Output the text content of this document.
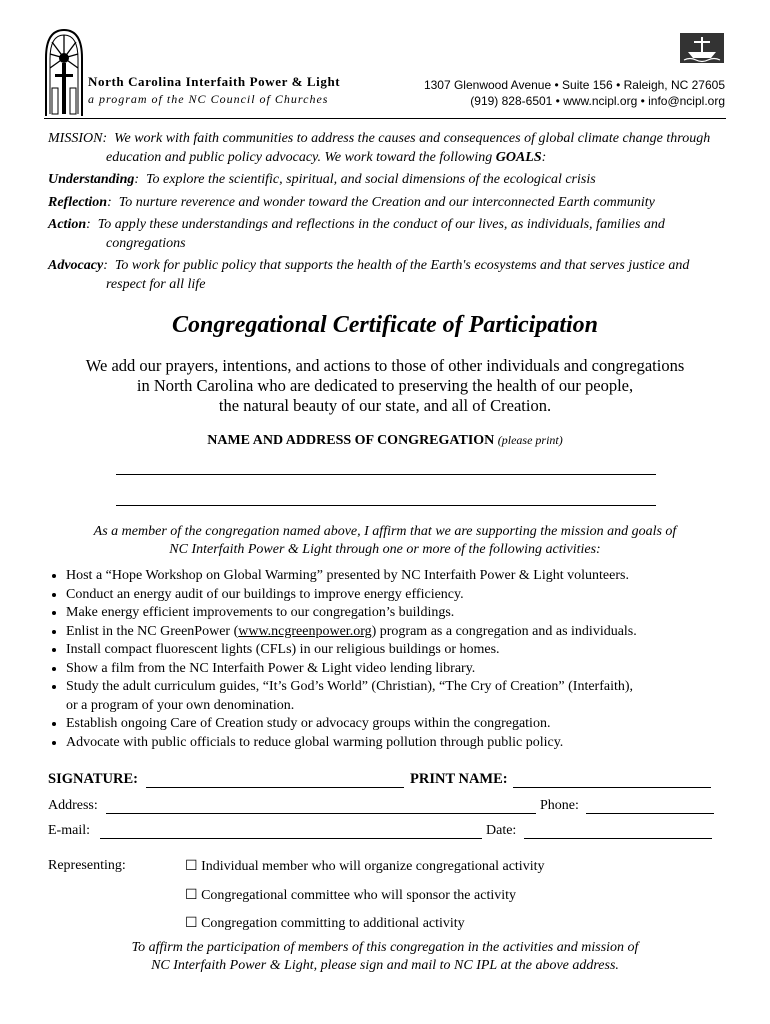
North Carolina Interfaith Power & Light
a program of the NC Council of Churches
1307 Glenwood Avenue • Suite 156 • Raleigh, NC 27605
(919) 828-6501 • www.ncipl.org • info@ncipl.org

MISSION:  We work with faith communities to address the causes and consequences of global climate change through education and public policy advocacy. We work toward the following GOALS:

Understanding:  To explore the scientific, spiritual, and social dimensions of the ecological crisis

Reflection:  To nurture reverence and wonder toward the Creation and our interconnected Earth community

Action:  To apply these understandings and reflections in the conduct of our lives, as individuals, families and congregations

Advocacy:  To work for public policy that supports the health of the Earth's ecosystems and that serves justice and respect for all life

Congregational Certificate of Participation
We add our prayers, intentions, and actions to those of other individuals and congregations
in North Carolina who are dedicated to preserving the health of our people,
the natural beauty of our state, and all of Creation.
NAME AND ADDRESS OF CONGREGATION (please print)
As a member of the congregation named above, I affirm that we are supporting the mission and goals of
NC Interfaith Power & Light through one or more of the following activities:
• Host a “Hope Workshop on Global Warming” presented by NC Interfaith Power & Light volunteers.
• Conduct an energy audit of our buildings to improve energy efficiency.
• Make energy efficient improvements to our congregation’s buildings.
• Enlist in the NC GreenPower (www.ncgreenpower.org) program as a congregation and as individuals.
• Install compact fluorescent lights (CFLs) in our religious buildings or homes.
• Show a film from the NC Interfaith Power & Light video lending library.
• Study the adult curriculum guides, “It’s God’s World” (Christian), “The Cry of Creation” (Interfaith),
or a program of your own denomination.
• Establish ongoing Care of Creation study or advocacy groups within the congregation.
• Advocate with public officials to reduce global warming pollution through public policy.
SIGNATURE:	PRINT NAME:
Address:	Phone:
E-mail:	Date:
Representing:	☐ Individual member who will organize congregational activity
☐ Congregational committee who will sponsor the activity
☐ Congregation committing to additional activity
To affirm the participation of members of this congregation in the activities and mission of
NC Interfaith Power & Light, please sign and mail to NC IPL at the above address.
